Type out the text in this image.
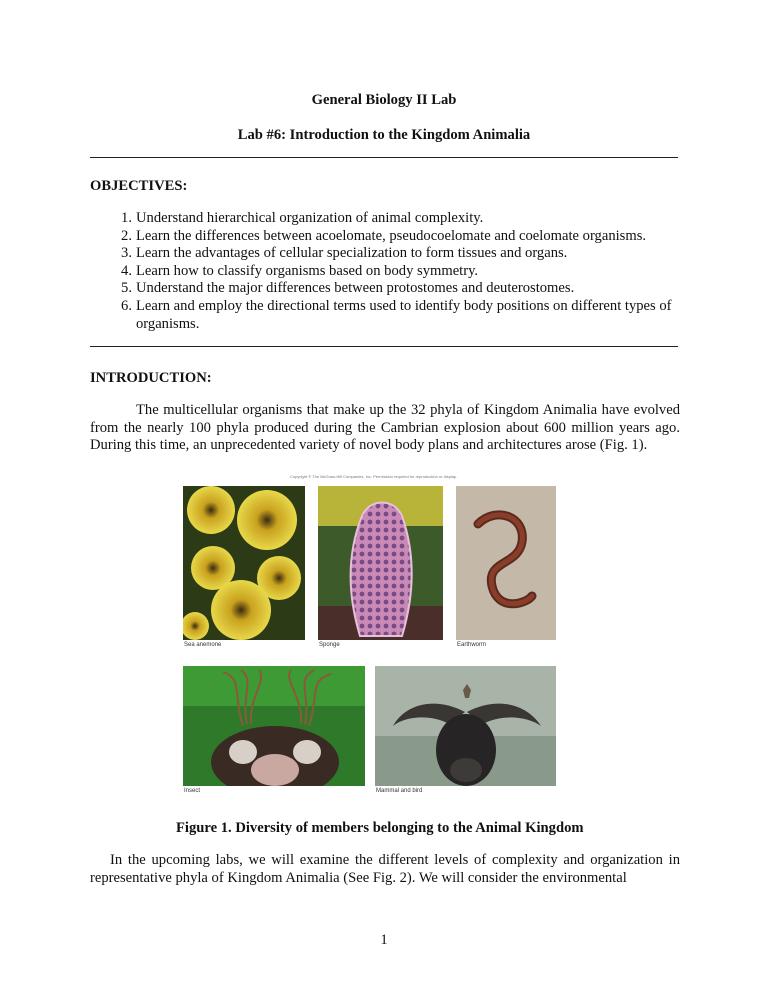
General Biology II Lab
Lab #6: Introduction to the Kingdom Animalia
OBJECTIVES:
1. Understand hierarchical organization of animal complexity.
2. Learn the differences between acoelomate, pseudocoelomate and coelomate organisms.
3. Learn the advantages of cellular specialization to form tissues and organs.
4. Learn how to classify organisms based on body symmetry.
5. Understand the major differences between protostomes and deuterostomes.
6. Learn and employ the directional terms used to identify body positions on different types of organisms.
INTRODUCTION:
The multicellular organisms that make up the 32 phyla of Kingdom Animalia have evolved from the nearly 100 phyla produced during the Cambrian explosion about 600 million years ago. During this time, an unprecedented variety of novel body plans and architectures arose (Fig. 1).
Copyright © The McGraw-Hill Companies, Inc. Permission required for reproduction or display.
Sea anemone	Sponge	Earthworm
Insect	Mammal and bird
Figure 1. Diversity of members belonging to the Animal Kingdom
In the upcoming labs, we will examine the different levels of complexity and organization in representative phyla of Kingdom Animalia (See Fig. 2). We will consider the environmental
1
